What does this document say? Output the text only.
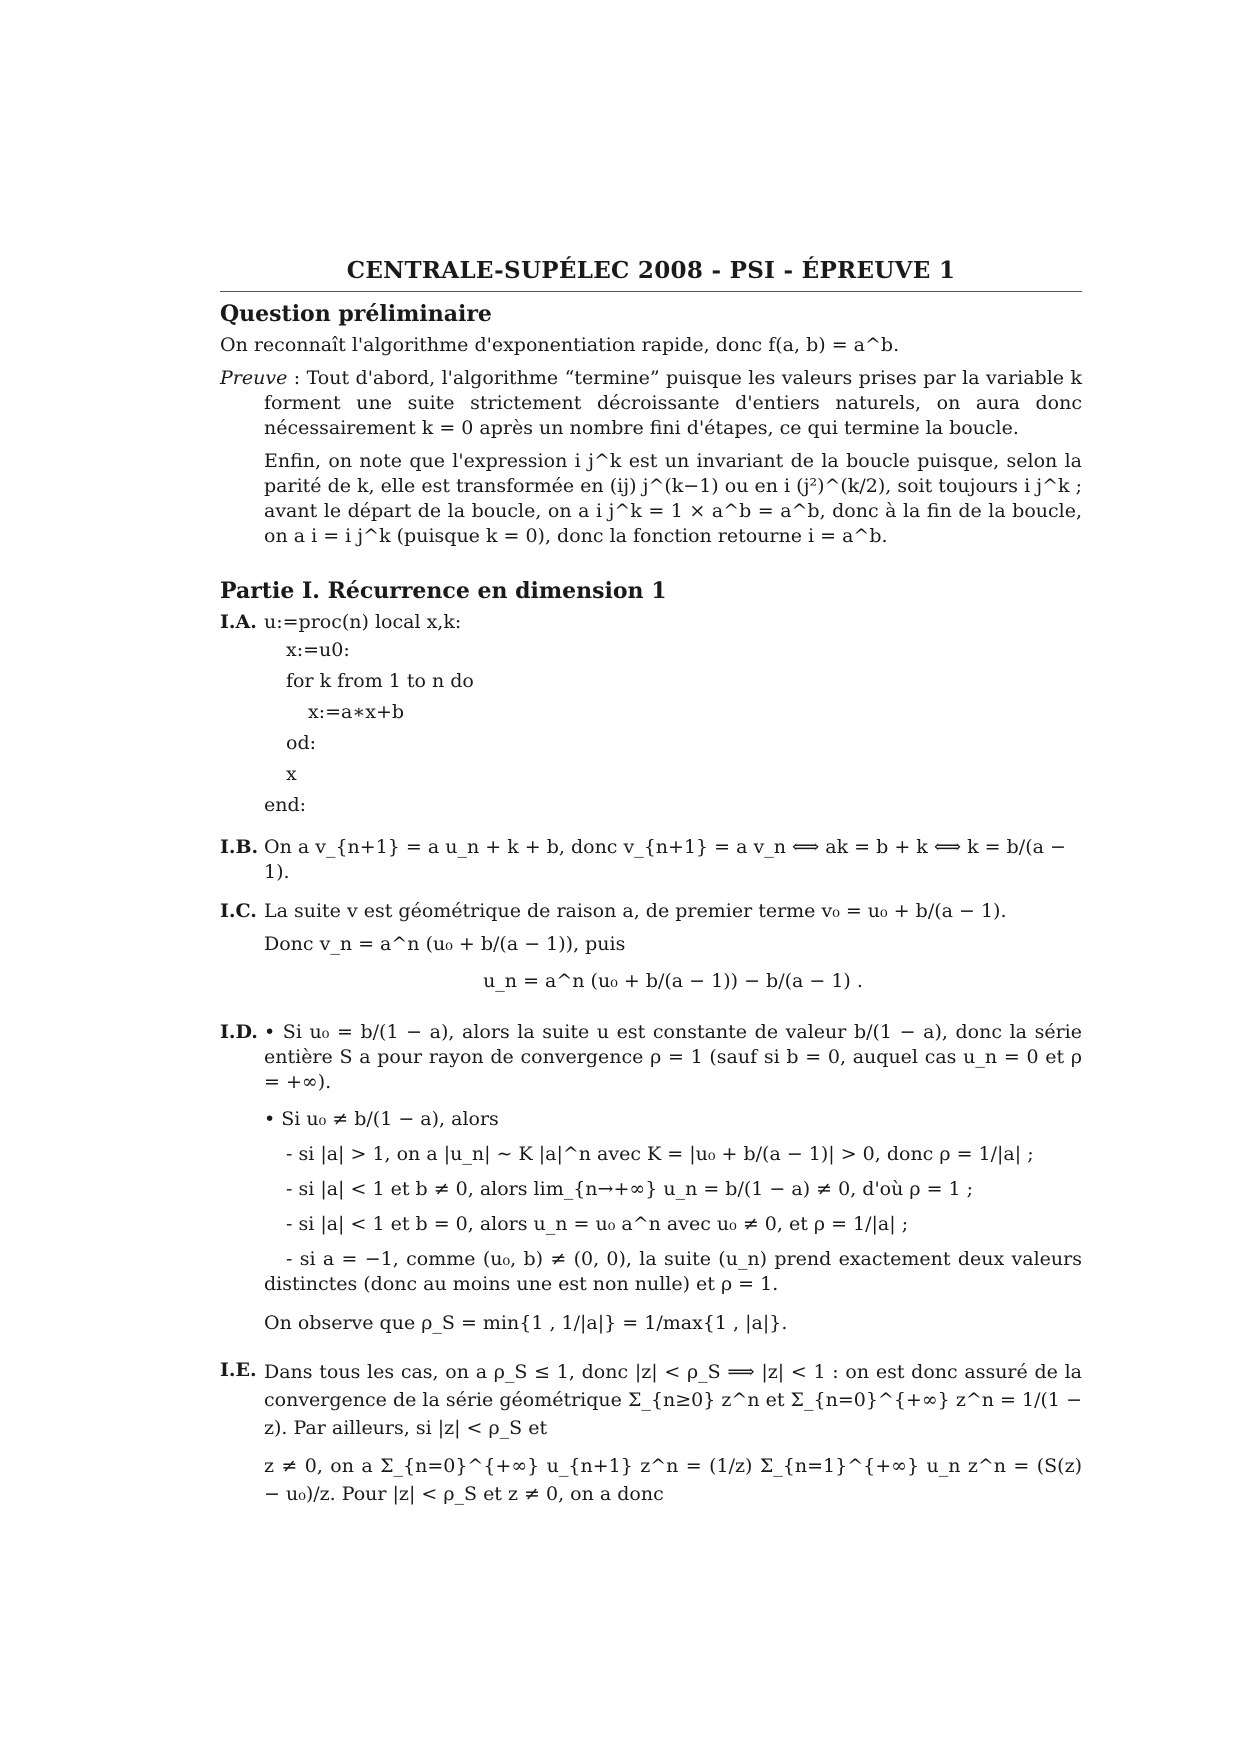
CENTRALE-SUPÉLEC 2008 - PSI - ÉPREUVE 1
Question préliminaire

On reconnaît l'algorithme d'exponentiation rapide, donc f(a, b) = a^b.

Preuve : Tout d'abord, l'algorithme “termine” puisque les valeurs prises par la variable k forment une suite strictement décroissante d'entiers naturels, on aura donc nécessairement k = 0 après un nombre fini d'étapes, ce qui termine la boucle.

Enfin, on note que l'expression i j^k est un invariant de la boucle puisque, selon la parité de k, elle est transformée en (ij) j^(k−1) ou en i (j²)^(k/2), soit toujours i j^k ; avant le départ de la boucle, on a i j^k = 1 × a^b = a^b, donc à la fin de la boucle, on a i = i j^k (puisque k = 0), donc la fonction retourne i = a^b.

Partie I. Récurrence en dimension 1
I.A. u:=proc(n) local x,k:
x:=u0:
for k from 1 to n do
x:=a∗x+b
od:
x
end:
I.B. On a v_{n+1} = a u_n + k + b, donc v_{n+1} = a v_n ⟺ ak = b + k ⟺ k = b/(a − 1).
I.C. La suite v est géométrique de raison a, de premier terme v₀ = u₀ + b/(a − 1).

Donc v_n = a^n (u₀ + b/(a − 1)), puis

u_n = a^n (u₀ + b/(a − 1)) − b/(a − 1) .

I.D. • Si u₀ = b/(1 − a), alors la suite u est constante de valeur b/(1 − a), donc la série entière S a pour rayon de convergence ρ = 1 (sauf si b = 0, auquel cas u_n = 0 et ρ = +∞).

• Si u₀ ≠ b/(1 − a), alors

- si |a| > 1, on a |u_n| ∼ K |a|^n avec K = |u₀ + b/(a − 1)| > 0, donc ρ = 1/|a| ;

- si |a| < 1 et b ≠ 0, alors lim_{n→+∞} u_n = b/(1 − a) ≠ 0, d'où ρ = 1 ;

- si |a| < 1 et b = 0, alors u_n = u₀ a^n avec u₀ ≠ 0, et ρ = 1/|a| ;

- si a = −1, comme (u₀, b) ≠ (0, 0), la suite (u_n) prend exactement deux valeurs distinctes (donc au moins une est non nulle) et ρ = 1.

On observe que ρ_S = min{1 , 1/|a|} = 1/max{1 , |a|}.

I.E. Dans tous les cas, on a ρ_S ≤ 1, donc |z| < ρ_S ⟹ |z| < 1 : on est donc assuré de la convergence de la série géométrique Σ_{n≥0} z^n et Σ_{n=0}^{+∞} z^n = 1/(1 − z). Par ailleurs, si |z| < ρ_S et

z ≠ 0, on a Σ_{n=0}^{+∞} u_{n+1} z^n = (1/z) Σ_{n=1}^{+∞} u_n z^n = (S(z) − u₀)/z. Pour |z| < ρ_S et z ≠ 0, on a donc
